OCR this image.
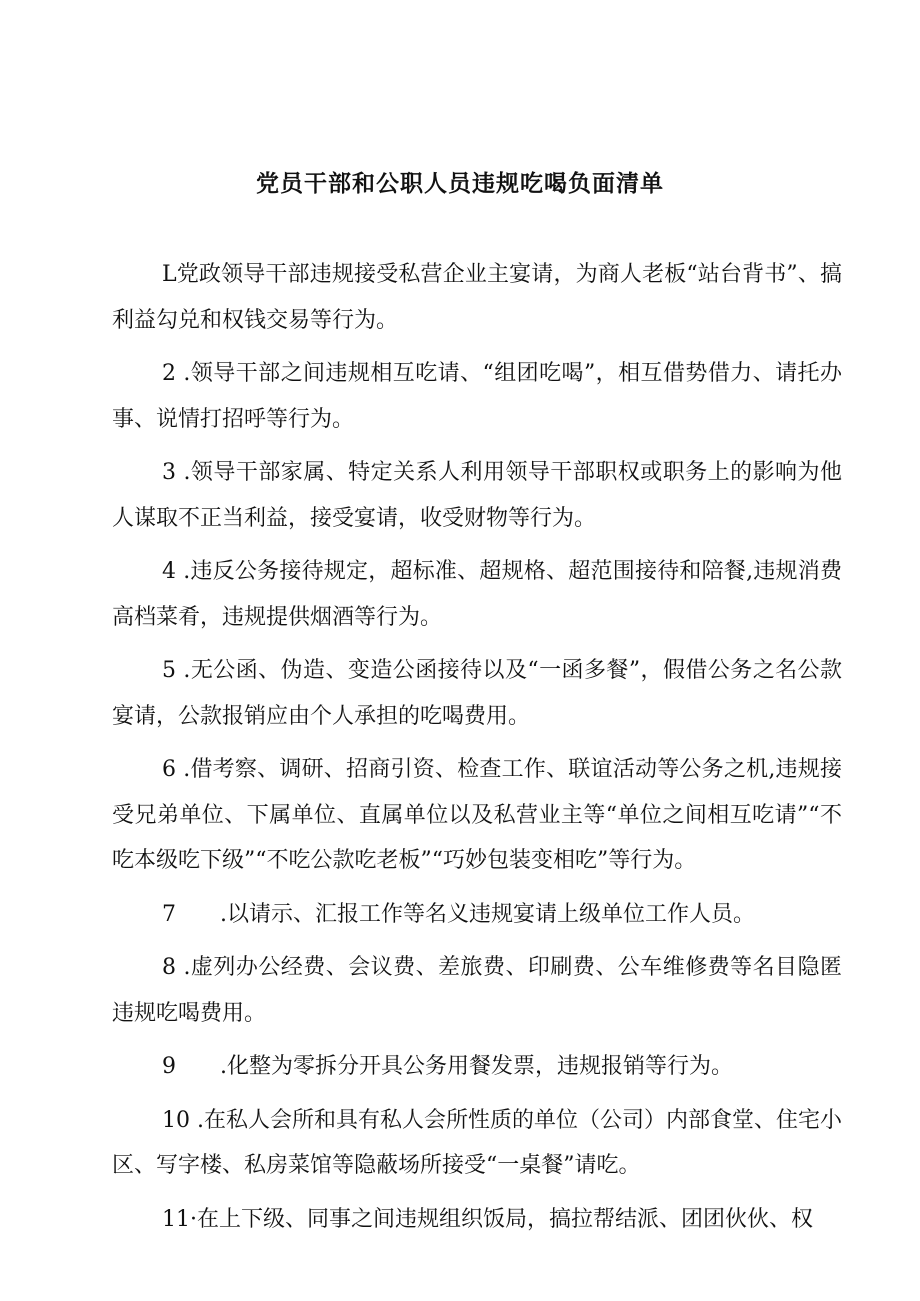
党员干部和公职人员违规吃喝负面清单

L党政领导干部违规接受私营企业主宴请，为商人老板“站台背书”、搞利益勾兑和权钱交易等行为。

2 .领导干部之间违规相互吃请、“组团吃喝”，相互借势借力、请托办事、说情打招呼等行为。

3 .领导干部家属、特定关系人利用领导干部职权或职务上的影响为他人谋取不正当利益，接受宴请，收受财物等行为。

4 .违反公务接待规定，超标准、超规格、超范围接待和陪餐,违规消费高档菜肴，违规提供烟酒等行为。

5 .无公函、伪造、变造公函接待以及“一函多餐”，假借公务之名公款宴请，公款报销应由个人承担的吃喝费用。

6 .借考察、调研、招商引资、检查工作、联谊活动等公务之机,违规接受兄弟单位、下属单位、直属单位以及私营业主等“单位之间相互吃请”“不吃本级吃下级”“不吃公款吃老板”“巧妙包装变相吃”等行为。

7　　.以请示、汇报工作等名义违规宴请上级单位工作人员。

8 .虚列办公经费、会议费、差旅费、印刷费、公车维修费等名目隐匿违规吃喝费用。

9　　.化整为零拆分开具公务用餐发票，违规报销等行为。

10 .在私人会所和具有私人会所性质的单位（公司）内部食堂、住宅小区、写字楼、私房菜馆等隐蔽场所接受“一桌餐”请吃。

11·在上下级、同事之间违规组织饭局，搞拉帮结派、团团伙伙、权
